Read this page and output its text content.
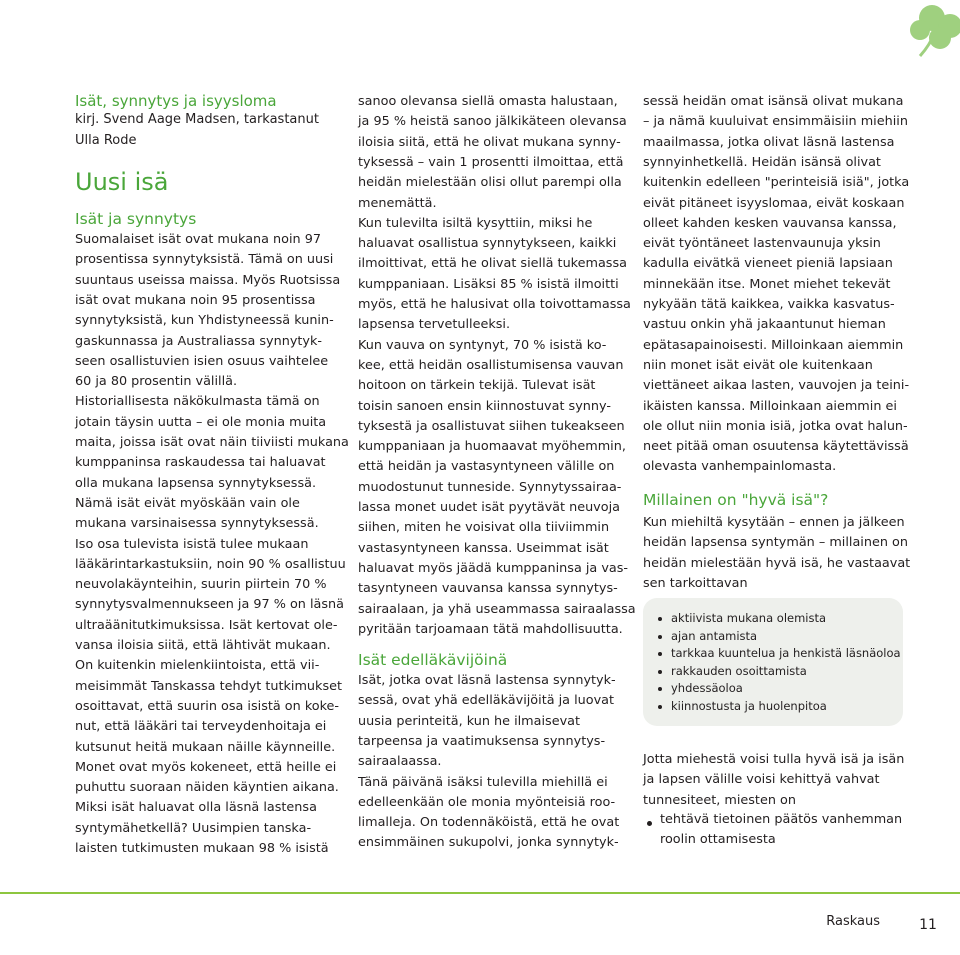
Isät, synnytys ja isyysloma
kirj. Svend Aage Madsen, tarkastanut
Ulla Rode
Uusi isä
Isät ja synnytys
Suomalaiset isät ovat mukana noin 97
prosentissa synnytyksistä. Tämä on uusi
suuntaus useissa maissa. Myös Ruotsissa
isät ovat mukana noin 95 prosentissa
synnytyksistä, kun Yhdistyneessä kunin-
gaskunnassa ja Australiassa synnytyk-
seen osallistuvien isien osuus vaihtelee
60 ja 80 prosentin välillä.
Historiallisesta näkökulmasta tämä on
jotain täysin uutta – ei ole monia muita
maita, joissa isät ovat näin tiiviisti mukana
kumppaninsa raskaudessa tai haluavat
olla mukana lapsensa synnytyksessä.
Nämä isät eivät myöskään vain ole
mukana varsinaisessa synnytyksessä.
Iso osa tulevista isistä tulee mukaan
lääkärintarkastuksiin, noin 90 % osallistuu
neuvolakäynteihin, suurin piirtein 70 %
synnytysvalmennukseen ja 97 % on läsnä
ultraäänitutkimuksissa. Isät kertovat ole-
vansa iloisia siitä, että lähtivät mukaan.
On kuitenkin mielenkiintoista, että vii-
meisimmät Tanskassa tehdyt tutkimukset
osoittavat, että suurin osa isistä on koke-
nut, että lääkäri tai terveydenhoitaja ei
kutsunut heitä mukaan näille käynneille.
Monet ovat myös kokeneet, että heille ei
puhuttu suoraan näiden käyntien aikana.
Miksi isät haluavat olla läsnä lastensa
syntymähetkellä? Uusimpien tanska-
laisten tutkimusten mukaan 98 % isistä
sanoo olevansa siellä omasta halustaan,
ja 95 % heistä sanoo jälkikäteen olevansa
iloisia siitä, että he olivat mukana synny-
tyksessä – vain 1 prosentti ilmoittaa, että
heidän mielestään olisi ollut parempi olla
menemättä.
Kun tulevilta isiltä kysyttiin, miksi he
haluavat osallistua synnytykseen, kaikki
ilmoittivat, että he olivat siellä tukemassa
kumppaniaan. Lisäksi 85 % isistä ilmoitti
myös, että he halusivat olla toivottamassa
lapsensa tervetulleeksi.
Kun vauva on syntynyt, 70 % isistä ko-
kee, että heidän osallistumisensa vauvan
hoitoon on tärkein tekijä. Tulevat isät
toisin sanoen ensin kiinnostuvat synny-
tyksestä ja osallistuvat siihen tukeakseen
kumppaniaan ja huomaavat myöhemmin,
että heidän ja vastasyntyneen välille on
muodostunut tunneside. Synnytyssairaa-
lassa monet uudet isät pyytävät neuvoja
siihen, miten he voisivat olla tiiviimmin
vastasyntyneen kanssa. Useimmat isät
haluavat myös jäädä kumppaninsa ja vas-
tasyntyneen vauvansa kanssa synnytys-
sairaalaan, ja yhä useammassa sairaalassa
pyritään tarjoamaan tätä mahdollisuutta.
Isät edelläkävijöinä
Isät, jotka ovat läsnä lastensa synnytyk-
sessä, ovat yhä edelläkävijöitä ja luovat
uusia perinteitä, kun he ilmaisevat
tarpeensa ja vaatimuksensa synnytys-
sairaalaassa.
Tänä päivänä isäksi tulevilla miehillä ei
edelleenkään ole monia myönteisiä roo-
limalleja. On todennäköistä, että he ovat
ensimmäinen sukupolvi, jonka synnytyk-
sessä heidän omat isänsä olivat mukana
– ja nämä kuuluivat ensimmäisiin miehiin
maailmassa, jotka olivat läsnä lastensa
synnyinhetkellä. Heidän isänsä olivat
kuitenkin edelleen "perinteisiä isiä", jotka
eivät pitäneet isyyslomaa, eivät koskaan
olleet kahden kesken vauvansa kanssa,
eivät työntäneet lastenvaunuja yksin
kadulla eivätkä vieneet pieniä lapsiaan
minnekään itse. Monet miehet tekevät
nykyään tätä kaikkea, vaikka kasvatus-
vastuu onkin yhä jakaantunut hieman
epätasapainoisesti. Milloinkaan aiemmin
niin monet isät eivät ole kuitenkaan
viettäneet aikaa lasten, vauvojen ja teini-
ikäisten kanssa. Milloinkaan aiemmin ei
ole ollut niin monia isiä, jotka ovat halun-
neet pitää oman osuutensa käytettävissä
olevasta vanhempainlomasta.
Millainen on "hyvä isä"?
Kun miehiltä kysytään – ennen ja jälkeen
heidän lapsensa syntymän – millainen on
heidän mielestään hyvä isä, he vastaavat
sen tarkoittavan
Jotta miehestä voisi tulla hyvä isä ja isän
ja lapsen välille voisi kehittyä vahvat
tunnesiteet, miesten on
aktiivista mukana olemista
ajan antamista
tarkkaa kuuntelua ja henkistä läsnäoloa
rakkauden osoittamista
yhdessäoloa
kiinnostusta ja huolenpitoa
tehtävä tietoinen päätös vanhemman
roolin ottamisesta
Raskaus	11
